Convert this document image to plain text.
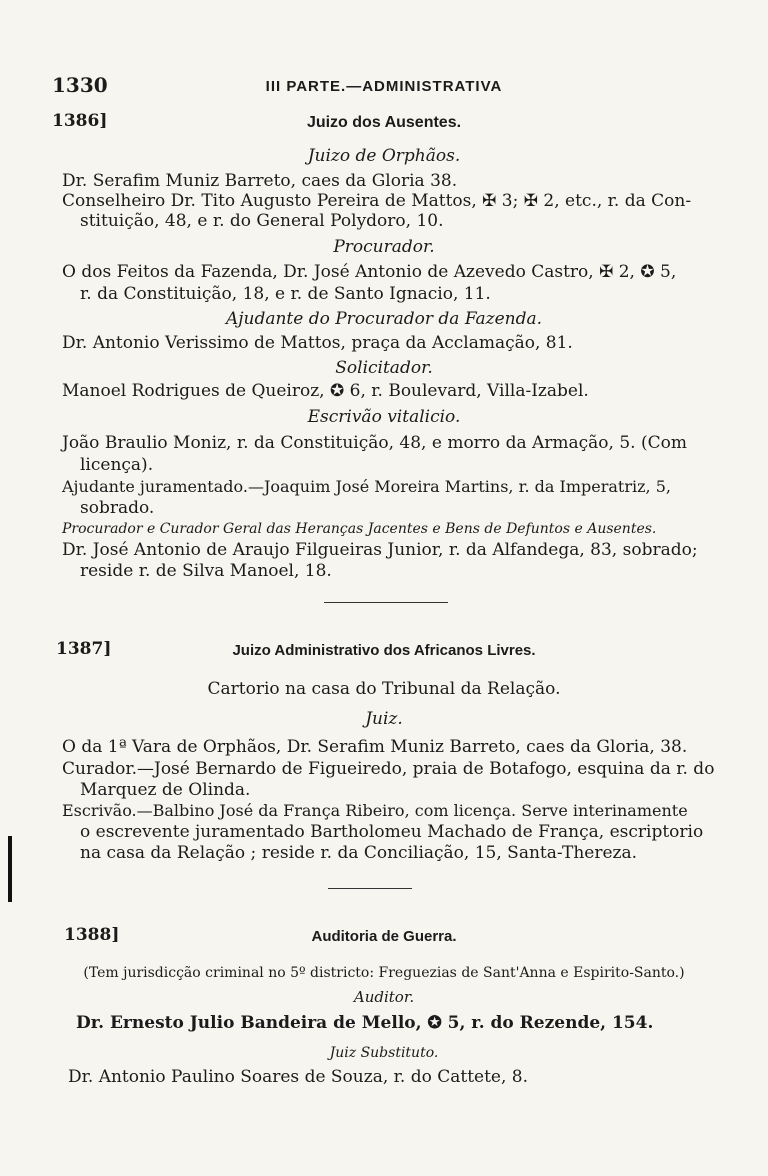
1330	III PARTE.—ADMINISTRATIVA
1386]	Juizo dos Ausentes.
Juizo de Orphãos.
Dr. Serafim Muniz Barreto, caes da Gloria 38.
Conselheiro Dr. Tito Augusto Pereira de Mattos, ✠ 3; ✠ 2, etc., r. da Con-
stituição, 48, e r. do General Polydoro, 10.
Procurador.
O dos Feitos da Fazenda, Dr. José Antonio de Azevedo Castro, ✠ 2, ✪ 5,
r. da Constituição, 18, e r. de Santo Ignacio, 11.
Ajudante do Procurador da Fazenda.
Dr. Antonio Verissimo de Mattos, praça da Acclamação, 81.
Solicitador.
Manoel Rodrigues de Queiroz, ✪ 6, r. Boulevard, Villa-Izabel.
Escrivão vitalicio.
João Braulio Moniz, r. da Constituição, 48, e morro da Armação, 5. (Com
licença).
Ajudante juramentado.—Joaquim José Moreira Martins, r. da Imperatriz, 5,
sobrado.
Procurador e Curador Geral das Heranças Jacentes e Bens de Defuntos e Ausentes.
Dr. José Antonio de Araujo Filgueiras Junior, r. da Alfandega, 83, sobrado;
reside r. de Silva Manoel, 18.
1387]	Juizo Administrativo dos Africanos Livres.
Cartorio na casa do Tribunal da Relação.
Juiz.
O da 1ª Vara de Orphãos, Dr. Serafim Muniz Barreto, caes da Gloria, 38.
Curador.—José Bernardo de Figueiredo, praia de Botafogo, esquina da r. do
Marquez de Olinda.
Escrivão.—Balbino José da França Ribeiro, com licença. Serve interinamente
o escrevente juramentado Bartholomeu Machado de França, escriptorio
na casa da Relação ; reside r. da Conciliação, 15, Santa-Thereza.
1388]	Auditoria de Guerra.
(Tem jurisdicção criminal no 5º districto: Freguezias de Sant'Anna e Espirito-Santo.)
Auditor.
Dr. Ernesto Julio Bandeira de Mello, ✪ 5, r. do Rezende, 154.
Juiz Substituto.
Dr. Antonio Paulino Soares de Souza, r. do Cattete, 8.
